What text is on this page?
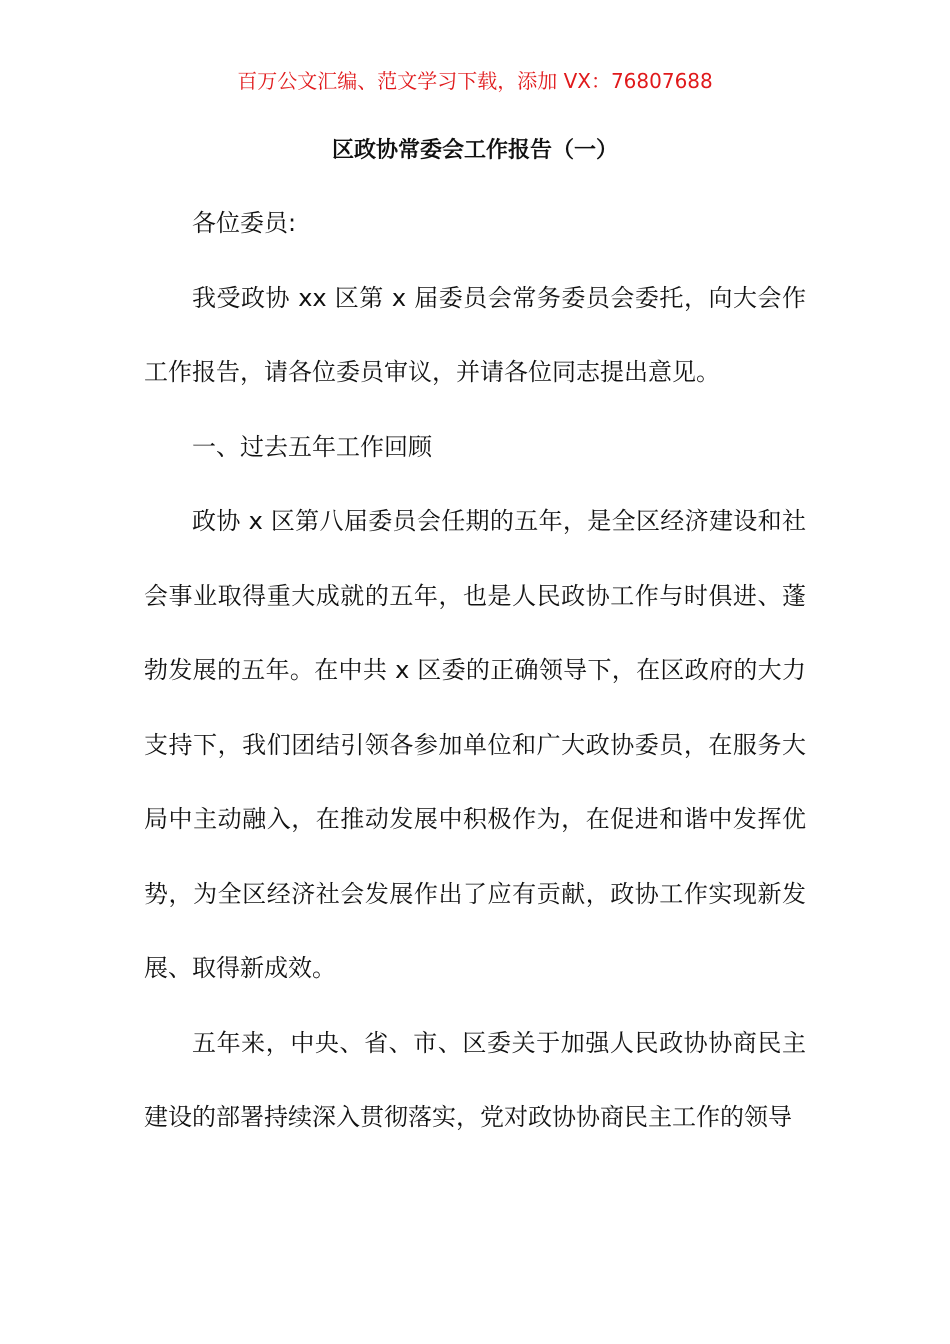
百万公文汇编、范文学习下载，添加 VX：76807688
区政协常委会工作报告（一）

各位委员:

我受政协 xx 区第 x 届委员会常务委员会委托，向大会作工作报告，请各位委员审议，并请各位同志提出意见。

一、过去五年工作回顾

政协 x 区第八届委员会任期的五年，是全区经济建设和社会事业取得重大成就的五年，也是人民政协工作与时俱进、蓬勃发展的五年。在中共 x 区委的正确领导下，在区政府的大力支持下，我们团结引领各参加单位和广大政协委员，在服务大局中主动融入，在推动发展中积极作为，在促进和谐中发挥优势，为全区经济社会发展作出了应有贡献，政协工作实现新发展、取得新成效。

五年来，中央、省、市、区委关于加强人民政协协商民主建设的部署持续深入贯彻落实，党对政协协商民主工作的领导
